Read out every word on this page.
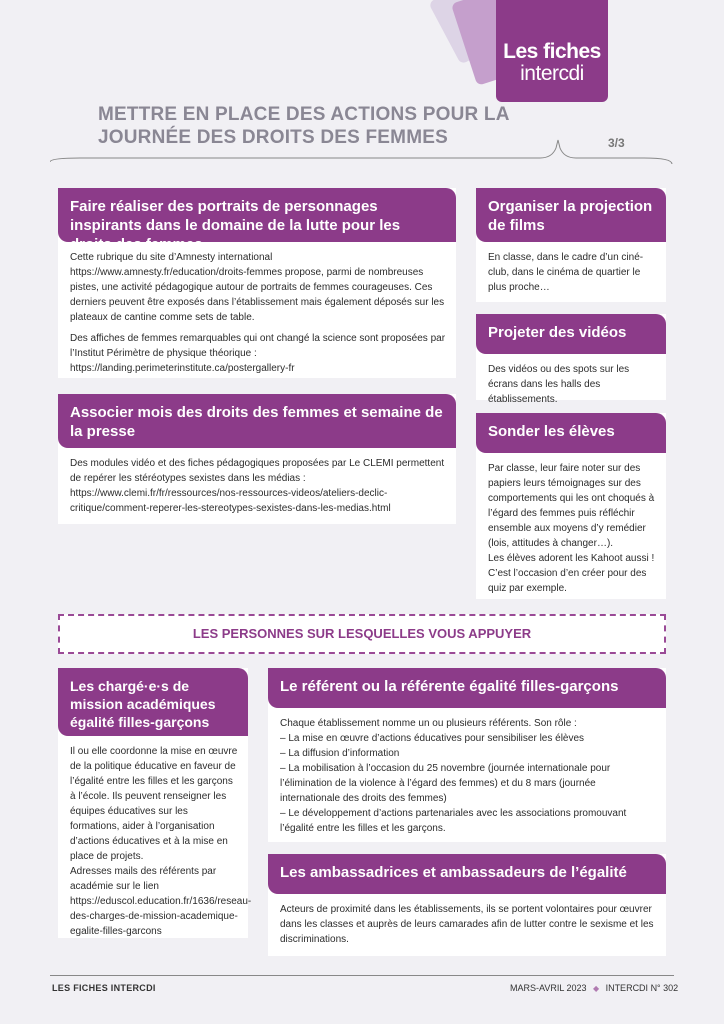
Les fiches
intercdi
METTRE EN PLACE DES ACTIONS POUR LA JOURNÉE DES DROITS DES FEMMES	3/3
Faire réaliser des portraits de personnages inspirants dans le domaine de la lutte pour les droits des femmes

Cette rubrique du site d’Amnesty international https://www.amnesty.fr/education/droits-femmes propose, parmi de nombreuses pistes, une activité pédagogique autour de portraits de femmes courageuses. Ces derniers peuvent être exposés dans l’établissement mais également déposés sur les plateaux de cantine comme sets de table.

Des affiches de femmes remarquables qui ont changé la science sont proposées par l’Institut Périmètre de physique théorique : https://landing.perimeterinstitute.ca/postergallery-fr

Associer mois des droits des femmes et semaine de la presse

Des modules vidéo et des fiches pédagogiques proposées par Le CLEMI permettent de repérer les stéréotypes sexistes dans les médias : https://www.clemi.fr/fr/ressources/nos-ressources-videos/ateliers-declic-critique/comment-reperer-les-stereotypes-sexistes-dans-les-medias.html

Organiser la projection de films

En classe, dans le cadre d’un ciné-club, dans le cinéma de quartier le plus proche…

Projeter des vidéos

Des vidéos ou des spots sur les écrans dans les halls des établissements.

Sonder les élèves

Par classe, leur faire noter sur des papiers leurs témoignages sur des comportements qui les ont choqués à l’égard des femmes puis réfléchir ensemble aux moyens d’y remédier (lois, attitudes à changer…).

Les élèves adorent les Kahoot aussi ! C’est l’occasion d’en créer pour des quiz par exemple.

LES PERSONNES SUR LESQUELLES VOUS APPUYER
Les chargé·e·s de mission académiques égalité filles-garçons

Il ou elle coordonne la mise en œuvre de la politique éducative en faveur de l’égalité entre les filles et les garçons à l’école. Ils peuvent renseigner les équipes éducatives sur les formations, aider à l’organisation d’actions éducatives et à la mise en place de projets.

Adresses mails des référents par académie sur le lien https://eduscol.education.fr/1636/reseau-des-charges-de-mission-academique-egalite-filles-garcons

Le référent ou la référente égalité filles-garçons
Chaque établissement nomme un ou plusieurs référents. Son rôle :
– La mise en œuvre d’actions éducatives pour sensibiliser les élèves
– La diffusion d’information
– La mobilisation à l’occasion du 25 novembre (journée internationale pour l’élimination de la violence à l’égard des femmes) et du 8 mars (journée internationale des droits des femmes)
– Le développement d’actions partenariales avec les associations promouvant l’égalité entre les filles et les garçons.
Les ambassadrices et ambassadeurs de l’égalité

Acteurs de proximité dans les établissements, ils se portent volontaires pour œuvrer dans les classes et auprès de leurs camarades afin de lutter contre le sexisme et les discriminations.

LES FICHES INTERCDI	MARS-AVRIL 2023 ◆ INTERCDI N° 302
